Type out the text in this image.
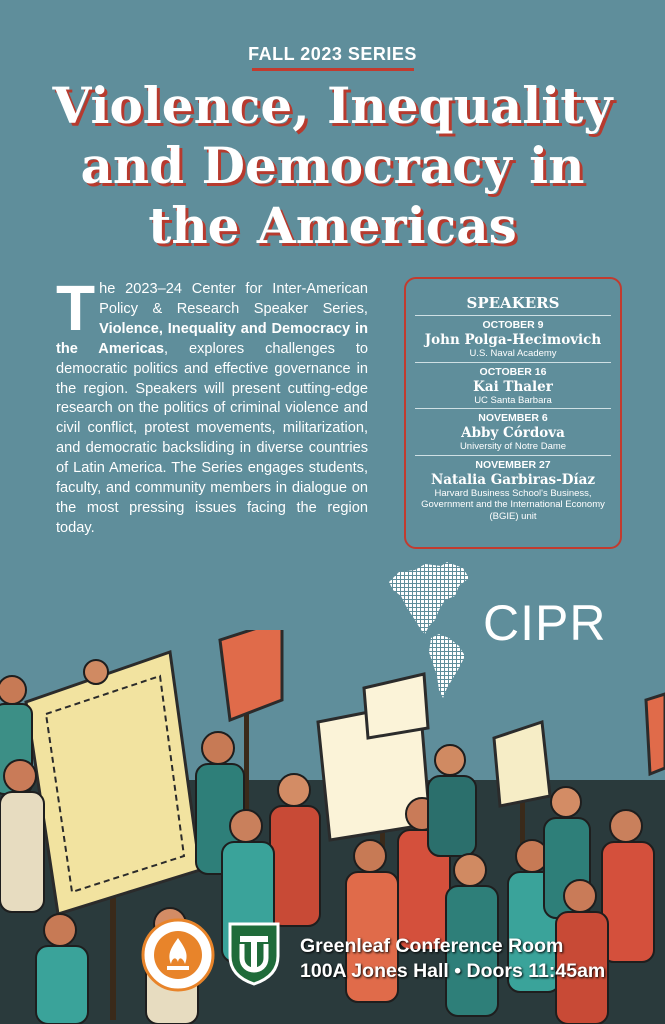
FALL 2023 SERIES
Violence, Inequality
and Democracy in
the Americas
The 2023–24 Center for Inter-American Policy & Research Speaker Series, Violence, Inequality and Democracy in the Americas, explores challenges to democratic politics and effective governance in the region. Speakers will present cutting-edge research on the politics of criminal violence and civil conflict, protest movements, militarization, and democratic backsliding in diverse countries of Latin America. The Series engages students, faculty, and community members in dialogue on the most pressing issues facing the region today.
SPEAKERS
OCTOBER 9
John Polga-Hecimovich
U.S. Naval Academy
OCTOBER 16
Kai Thaler
UC Santa Barbara
NOVEMBER 6
Abby Córdova
University of Notre Dame
NOVEMBER 27
Natalia Garbiras-Díaz
Harvard Business School's Business, Government and the International Economy (BGIE) unit
CIPR
Greenleaf Conference Room
100A Jones Hall • Doors 11:45am
